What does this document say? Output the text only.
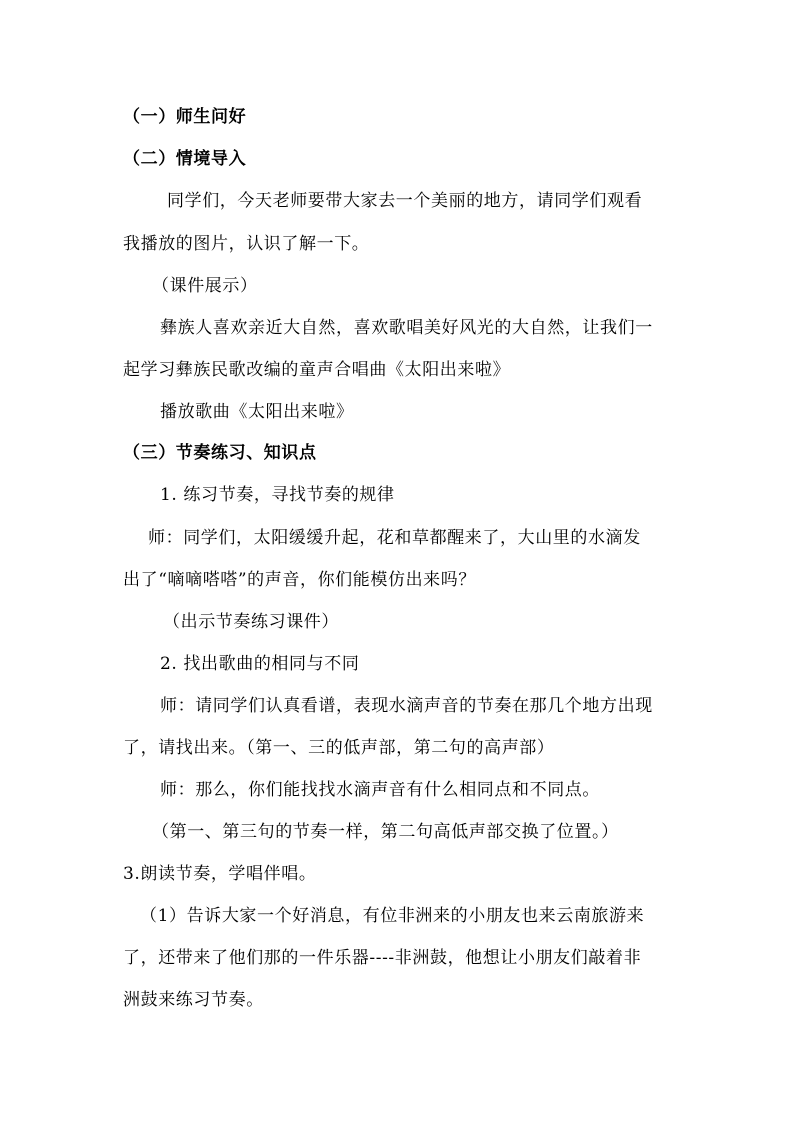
（一）师生问好
（二）情境导入
同学们，今天老师要带大家去一个美丽的地方，请同学们观看
我播放的图片，认识了解一下。
（课件展示）
彝族人喜欢亲近大自然，喜欢歌唱美好风光的大自然，让我们一
起学习彝族民歌改编的童声合唱曲《太阳出来啦》
播放歌曲《太阳出来啦》
（三）节奏练习、知识点
1. 练习节奏，寻找节奏的规律
师：同学们，太阳缓缓升起，花和草都醒来了，大山里的水滴发
出了“嘀嘀嗒嗒”的声音，你们能模仿出来吗？
（出示节奏练习课件）
2. 找出歌曲的相同与不同
师：请同学们认真看谱，表现水滴声音的节奏在那几个地方出现
了，请找出来。（第一、三的低声部，第二句的高声部）
师：那么，你们能找找水滴声音有什么相同点和不同点。
（第一、第三句的节奏一样，第二句高低声部交换了位置。）
3.朗读节奏，学唱伴唱。
（1）告诉大家一个好消息，有位非洲来的小朋友也来云南旅游来
了，还带来了他们那的一件乐器----非洲鼓，他想让小朋友们敲着非
洲鼓来练习节奏。
